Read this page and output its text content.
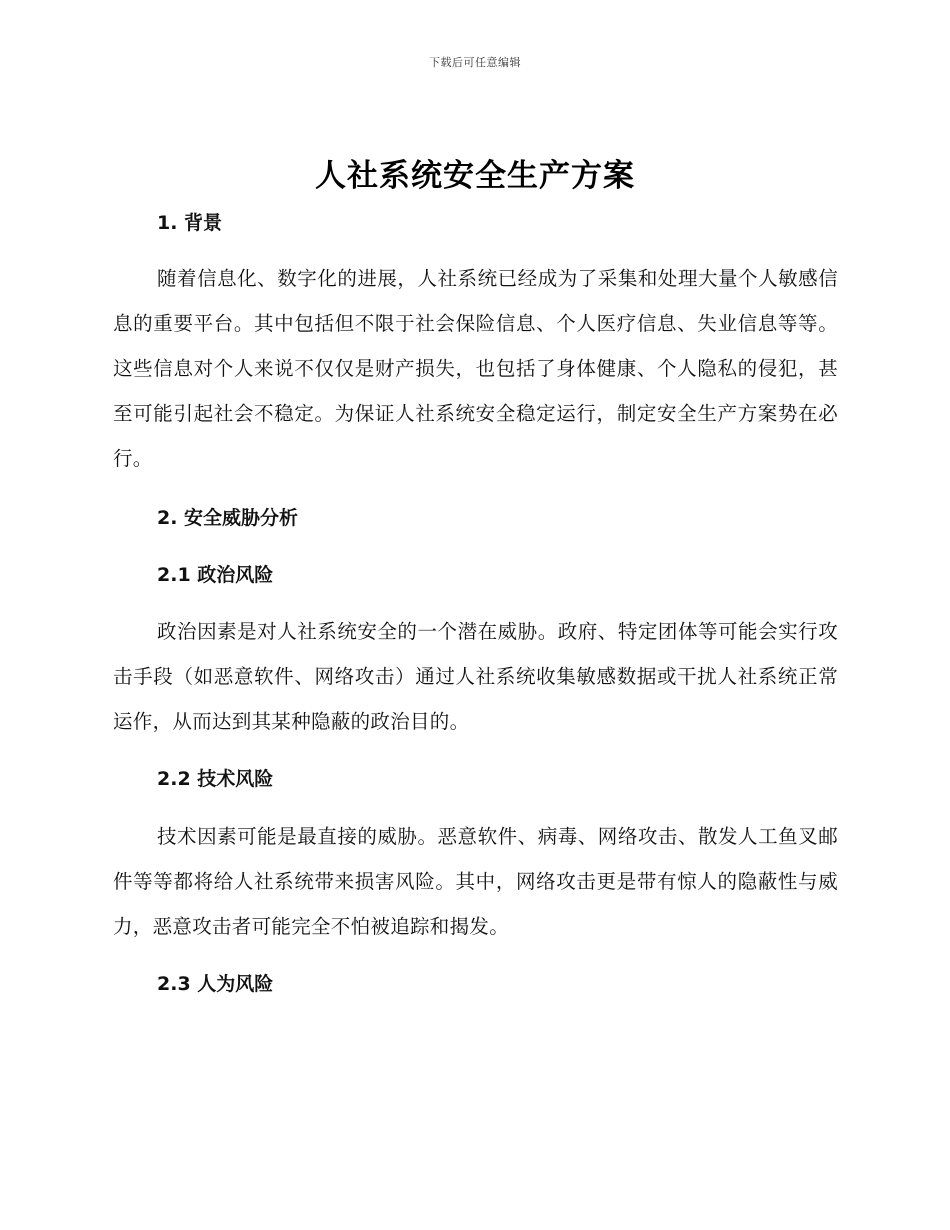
下载后可任意编辑
人社系统安全生产方案
1. 背景

随着信息化、数字化的进展，人社系统已经成为了采集和处理大量个人敏感信息的重要平台。其中包括但不限于社会保险信息、个人医疗信息、失业信息等等。这些信息对个人来说不仅仅是财产损失，也包括了身体健康、个人隐私的侵犯，甚至可能引起社会不稳定。为保证人社系统安全稳定运行，制定安全生产方案势在必行。

2. 安全威胁分析
2.1 政治风险

政治因素是对人社系统安全的一个潜在威胁。政府、特定团体等可能会实行攻击手段（如恶意软件、网络攻击）通过人社系统收集敏感数据或干扰人社系统正常运作，从而达到其某种隐蔽的政治目的。

2.2 技术风险

技术因素可能是最直接的威胁。恶意软件、病毒、网络攻击、散发人工鱼叉邮件等等都将给人社系统带来损害风险。其中，网络攻击更是带有惊人的隐蔽性与威力，恶意攻击者可能完全不怕被追踪和揭发。

2.3 人为风险
